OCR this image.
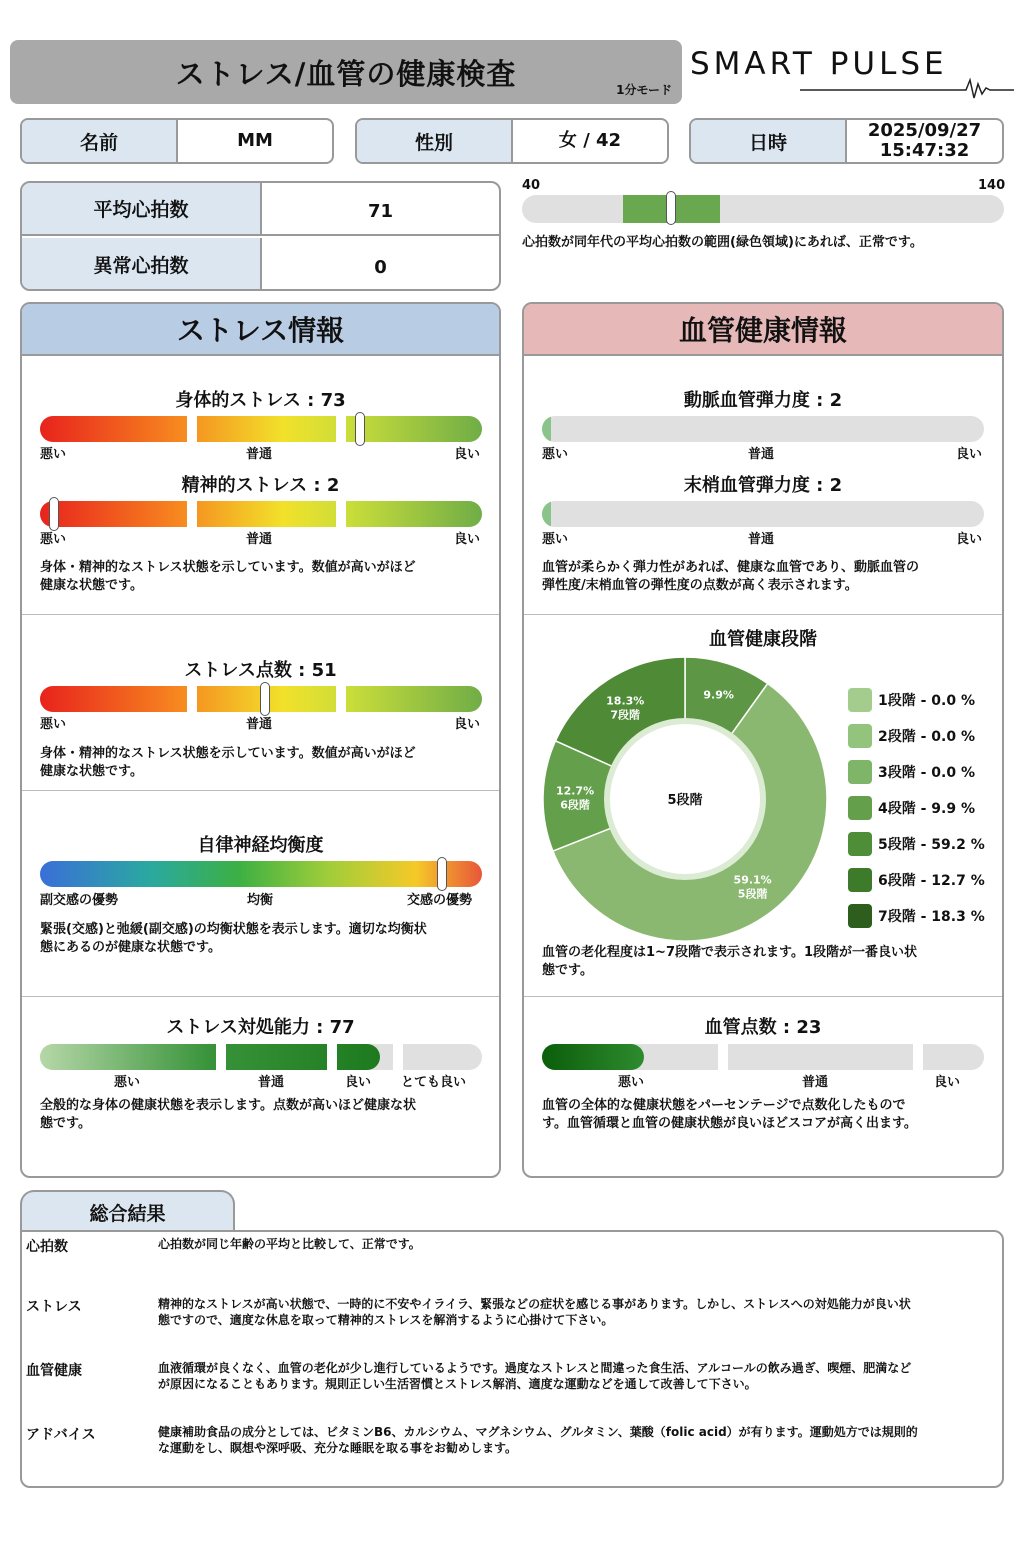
ストレス/血管の健康検査	1分モード
SMART PULSE
名前	MM	性別	女 / 42	日時
2025/09/27
15:47:32
平均心拍数	71
異常心拍数	0
40	140
心拍数が同年代の平均心拍数の範囲(緑色領域)にあれば、正常です。
ストレス情報
身体的ストレス : 73
悪い	普通	良い
精神的ストレス : 2
悪い	普通	良い
身体・精神的なストレス状態を示しています。数値が高いがほど
健康な状態です。
ストレス点数 : 51
悪い	普通	良い
身体・精神的なストレス状態を示しています。数値が高いがほど
健康な状態です。
自律神経均衡度
副交感の優勢	均衡	交感の優勢
緊張(交感)と弛緩(副交感)の均衡状態を表示します。適切な均衡状
態にあるのが健康な状態です。
ストレス対処能力 : 77
悪い	普通	良い とても良い
全般的な身体の健康状態を表示します。点数が高いほど健康な状
態です。
血管健康情報
動脈血管弾力度 : 2
悪い	普通	良い
末梢血管弾力度 : 2
悪い	普通	良い
血管が柔らかく弾力性があれば、健康な血管であり、動脈血管の
弾性度/末梢血管の弾性度の点数が高く表示されます。
血管健康段階
5段階
9.9%
59.1%
5段階
12.7%
6段階
18.3%
7段階
1段階 - 0.0 %
2段階 - 0.0 %
3段階 - 0.0 %
4段階 - 9.9 %
5段階 - 59.2 %
6段階 - 12.7 %
7段階 - 18.3 %
血管の老化程度は1~7段階で表示されます。1段階が一番良い状
態です。
血管点数 : 23
悪い	普通	良い
血管の全体的な健康状態をパーセンテージで点数化したもので
す。血管循環と血管の健康状態が良いほどスコアが高く出ます。
総合結果
心拍数	心拍数が同じ年齢の平均と比較して、正常です。
ストレス	精神的なストレスが高い状態で、一時的に不安やイライラ、緊張などの症状を感じる事があります。しかし、ストレスへの対処能力が良い状
態ですので、適度な休息を取って精神的ストレスを解消するように心掛けて下さい。
血管健康	血液循環が良くなく、血管の老化が少し進行しているようです。過度なストレスと間違った食生活、アルコールの飲み過ぎ、喫煙、肥満など
が原因になることもあります。規則正しい生活習慣とストレス解消、適度な運動などを通して改善して下さい。
アドバイス	健康補助食品の成分としては、ビタミンB6、カルシウム、マグネシウム、グルタミン、葉酸（folic acid）が有ります。運動処方では規則的
な運動をし、瞑想や深呼吸、充分な睡眠を取る事をお勧めします。
